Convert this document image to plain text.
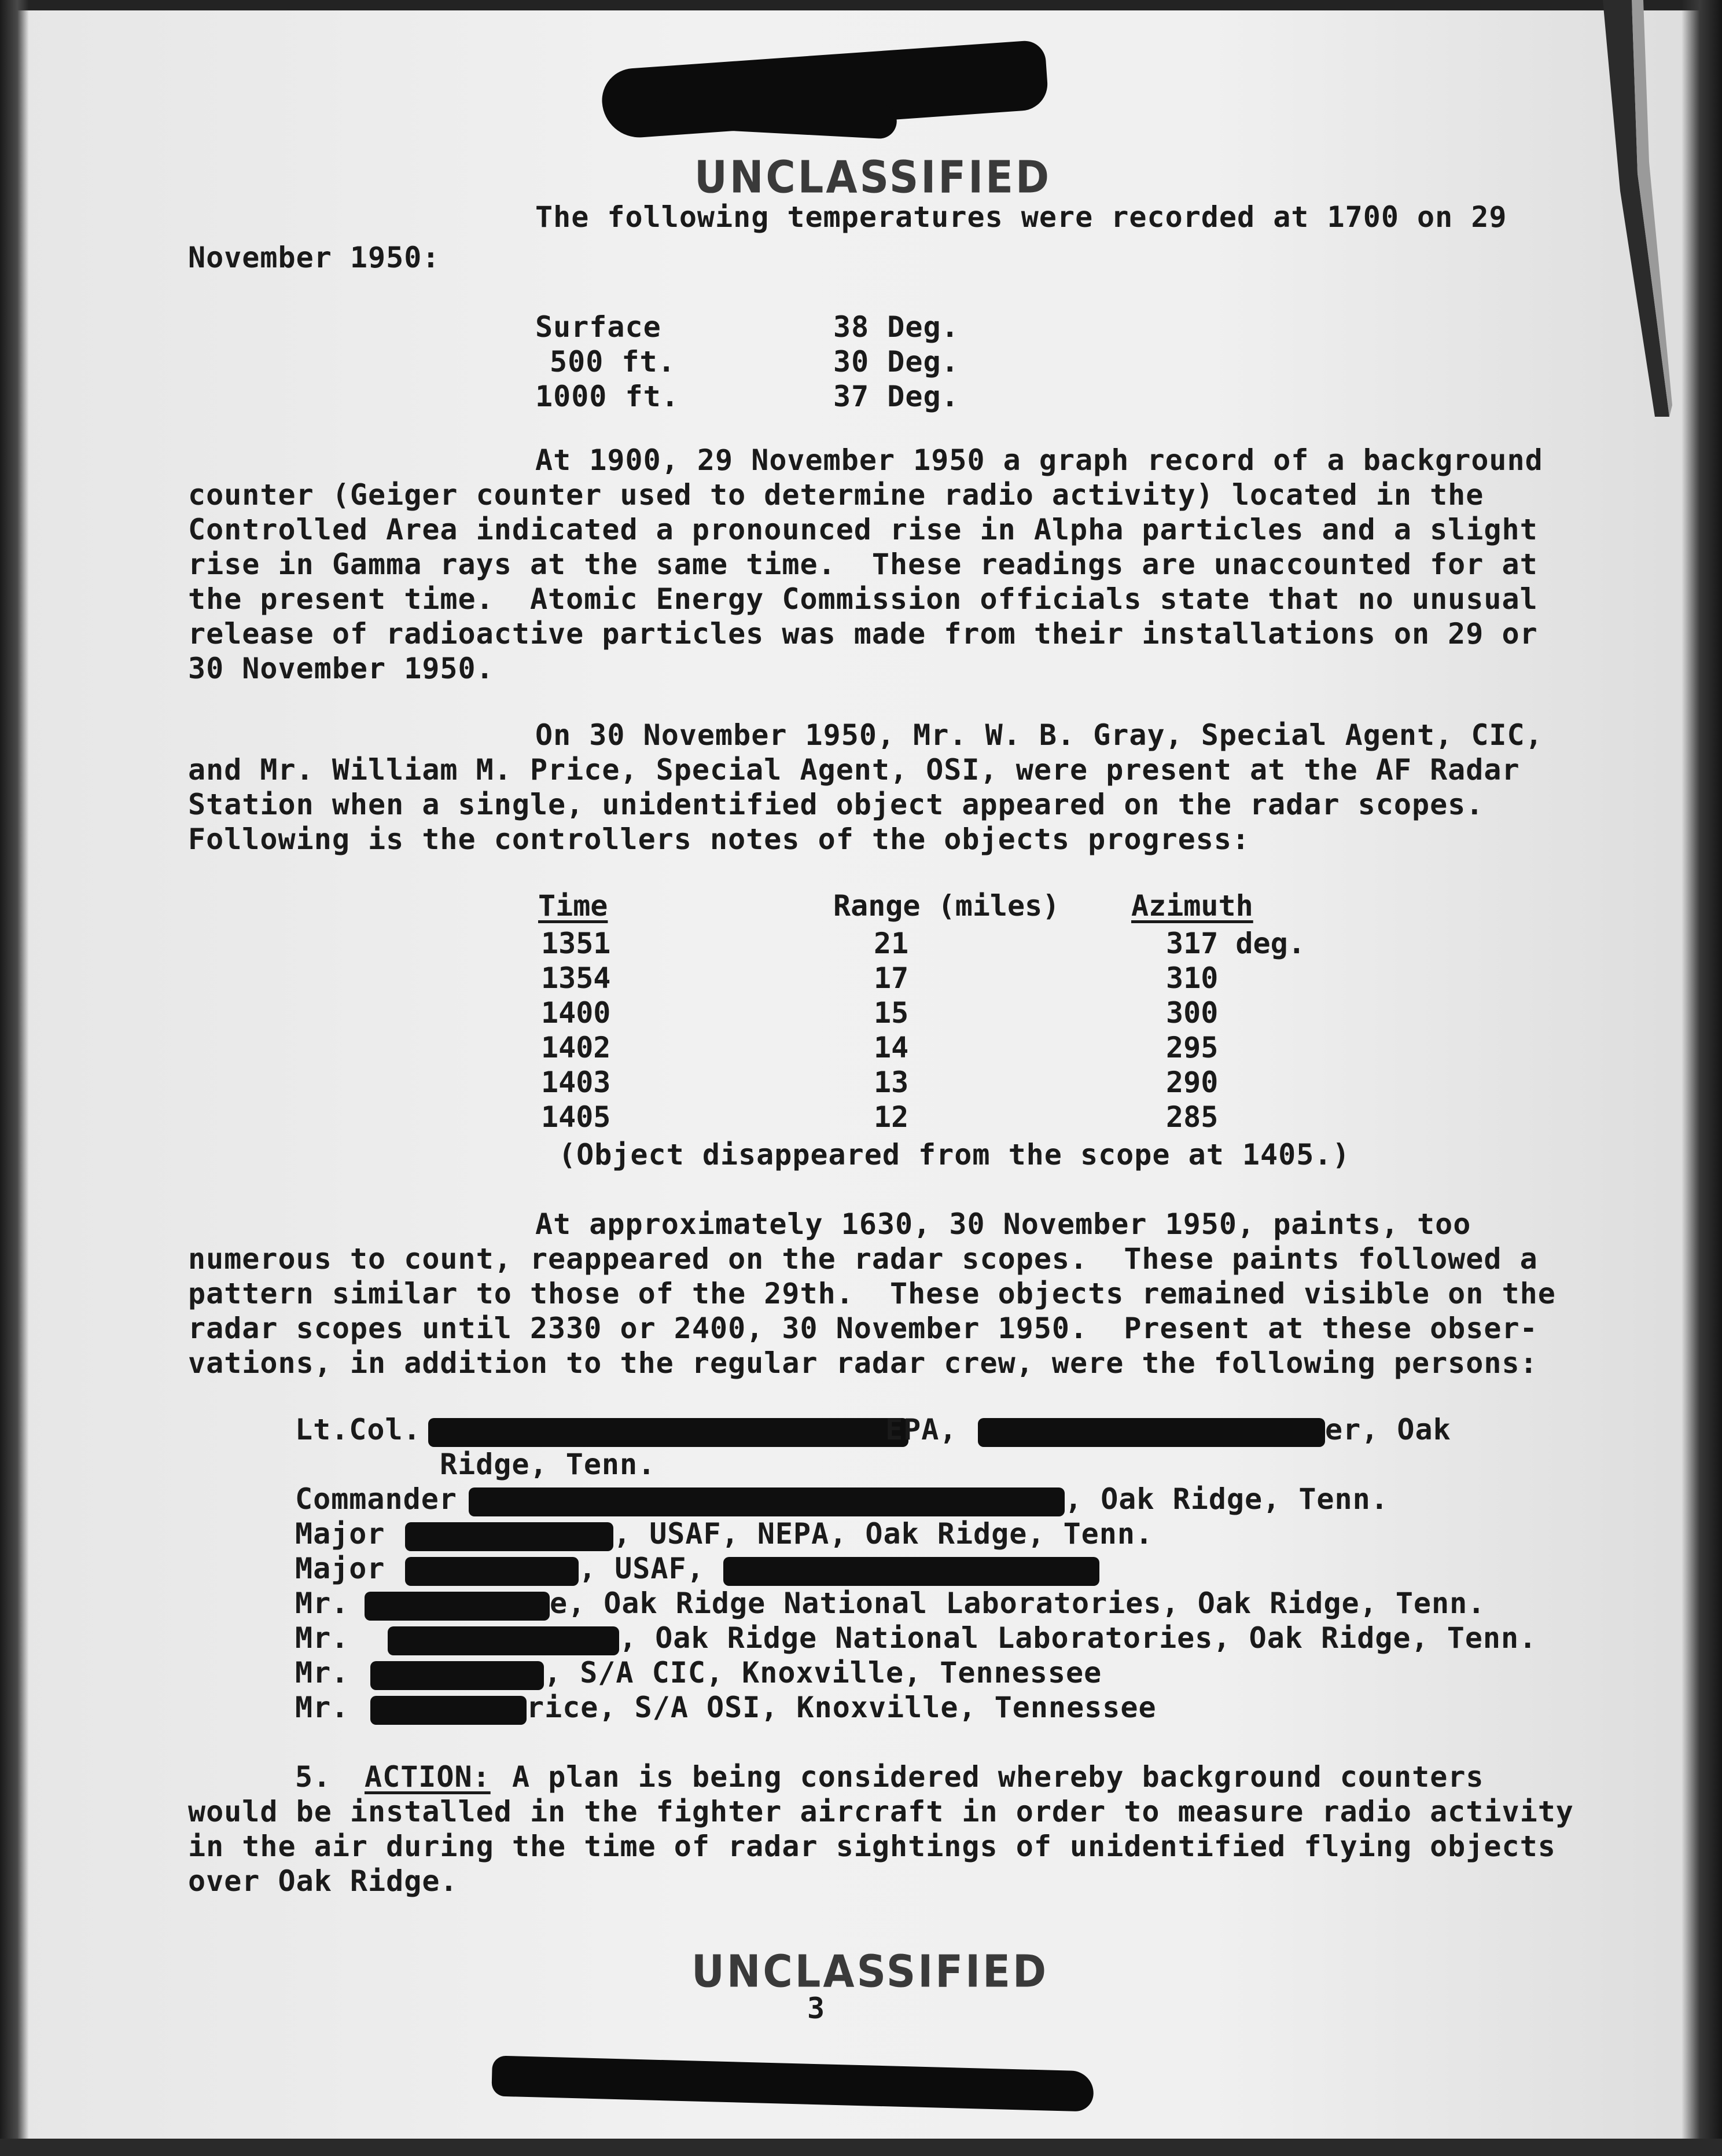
UNCLASSIFIED
The following temperatures were recorded at 1700 on 29
November 1950:
Surface	38 Deg.
500 ft.	30 Deg.
1000 ft.	37 Deg.
At 1900, 29 November 1950 a graph record of a background
counter (Geiger counter used to determine radio activity) located in the
Controlled Area indicated a pronounced rise in Alpha particles and a slight
rise in Gamma rays at the same time.  These readings are unaccounted for at
the present time.  Atomic Energy Commission officials state that no unusual
release of radioactive particles was made from their installations on 29 or
30 November 1950.
On 30 November 1950, Mr. W. B. Gray, Special Agent, CIC,
and Mr. William M. Price, Special Agent, OSI, were present at the AF Radar
Station when a single, unidentified object appeared on the radar scopes.
Following is the controllers notes of the objects progress:
Time	Range (miles) Azimuth
1351	21	317 deg.
1354	17	310
1400	15	300
1402	14	295
1403	13	290
1405	12	285
(Object disappeared from the scope at 1405.)
At approximately 1630, 30 November 1950, paints, too
numerous to count, reappeared on the radar scopes.  These paints followed a
pattern similar to those of the 29th.  These objects remained visible on the
radar scopes until 2330 or 2400, 30 November 1950.  Present at these obser-
vations, in addition to the regular radar crew, were the following persons:
Lt.Col.	EPA,	er, Oak
Ridge, Tenn.
Commander	, Oak Ridge, Tenn.
Major	, USAF, NEPA, Oak Ridge, Tenn.
Major	, USAF,
Mr.	e, Oak Ridge National Laboratories, Oak Ridge, Tenn.
Mr.	, Oak Ridge National Laboratories, Oak Ridge, Tenn.
Mr.	, S/A CIC, Knoxville, Tennessee
Mr.	rice, S/A OSI, Knoxville, Tennessee
5. ACTION: A plan is being considered whereby background counters
would be installed in the fighter aircraft in order to measure radio activity
in the air during the time of radar sightings of unidentified flying objects
over Oak Ridge.
UNCLASSIFIED
3
